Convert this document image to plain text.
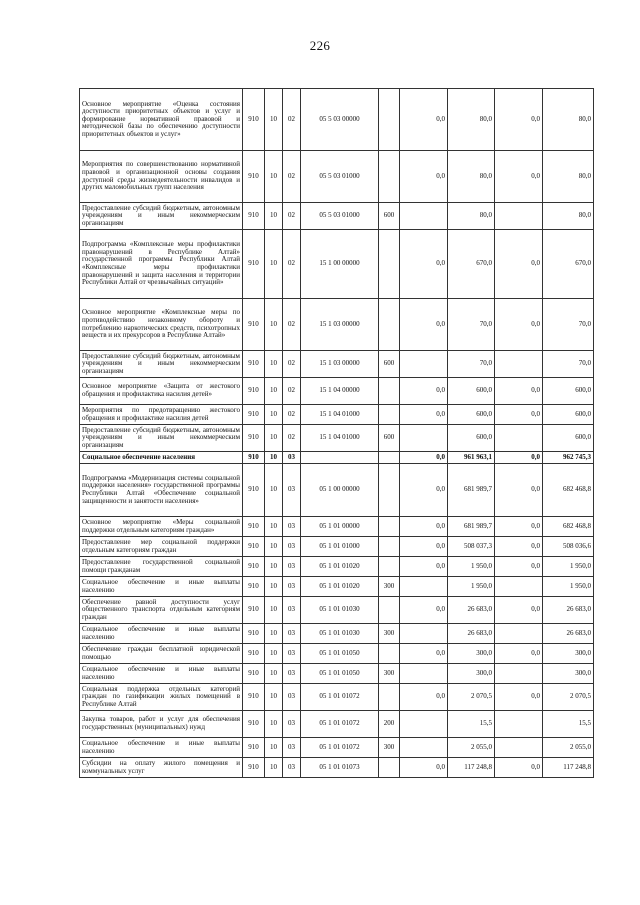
226
Основное мероприятие «Оценка состояния доступности приоритетных объектов и услуг и формирование нормативной правовой и методической базы по обеспечению доступности приоритетных объектов и услуг»	910	10	02	05 5 03 00000		0,0	80,0	0,0	80,0
Мероприятия по совершенствованию нормативной правовой и организационной основы создания доступной среды жизнедеятельности инвалидов и других маломобильных групп населения	910	10	02	05 5 03 01000		0,0	80,0	0,0	80,0
Предоставление субсидий бюджетным, автономным учреждениям и иным некоммерческим организациям	910	10	02	05 5 03 01000	600		80,0		80,0
Подпрограмма «Комплексные меры профилактики правонарушений в Республике Алтай» государственной программы Республики Алтай «Комплексные меры профилактики правонарушений и защита населения и территории Республики Алтай от чрезвычайных ситуаций»	910	10	02	15 1 00 00000		0,0	670,0	0,0	670,0
Основное мероприятие «Комплексные меры по противодействию незаконному обороту и потреблению наркотических средств, психотропных веществ и их прекурсоров в Республике Алтай»	910	10	02	15 1 03 00000		0,0	70,0	0,0	70,0
Предоставление субсидий бюджетным, автономным учреждениям и иным некоммерческим организациям	910	10	02	15 1 03 00000	600		70,0		70,0
Основное мероприятие «Защита от жестокого обращения и профилактика насилия детей»	910	10	02	15 1 04 00000		0,0	600,0	0,0	600,0
Мероприятия по предотвращению жестокого обращения и профилактике насилия детей	910	10	02	15 1 04 01000		0,0	600,0	0,0	600,0
Предоставление субсидий бюджетным, автономным учреждениям и иным некоммерческим организациям	910	10	02	15 1 04 01000	600		600,0		600,0
Социальное обеспечение населения	910	10	03			0,0	961 963,1	0,0	962 745,3
Подпрограмма «Модернизация системы социальной поддержки населения» государственной программы Республики Алтай «Обеспечение социальной защищенности и занятости населения»	910	10	03	05 1 00 00000		0,0	681 989,7	0,0	682 468,8
Основное мероприятие «Меры социальной поддержки отдельным категориям граждан»	910	10	03	05 1 01 00000		0,0	681 989,7	0,0	682 468,8
Предоставление мер социальной поддержки отдельным категориям граждан	910	10	03	05 1 01 01000		0,0	508 037,3	0,0	508 036,6
Предоставление государственной социальной помощи гражданам	910	10	03	05 1 01 01020		0,0	1 950,0	0,0	1 950,0
Социальное обеспечение и иные выплаты населению	910	10	03	05 1 01 01020	300		1 950,0		1 950,0
Обеспечение равной доступности услуг общественного транспорта отдельным категориям граждан	910	10	03	05 1 01 01030		0,0	26 683,0	0,0	26 683,0
Социальное обеспечение и иные выплаты населению	910	10	03	05 1 01 01030	300		26 683,0		26 683,0
Обеспечение граждан бесплатной юридической помощью	910	10	03	05 1 01 01050		0,0	300,0	0,0	300,0
Социальное обеспечение и иные выплаты населению	910	10	03	05 1 01 01050	300		300,0		300,0
Социальная поддержка отдельных категорий граждан по газификации жилых помещений в Республике Алтай	910	10	03	05 1 01 01072		0,0	2 070,5	0,0	2 070,5
Закупка товаров, работ и услуг для обеспечения государственных (муниципальных) нужд	910	10	03	05 1 01 01072	200		15,5		15,5
Социальное обеспечение и иные выплаты населению	910	10	03	05 1 01 01072	300		2 055,0		2 055,0
Субсидии на оплату жилого помещения и коммунальных услуг	910	10	03	05 1 01 01073		0,0	117 248,8	0,0	117 248,8
